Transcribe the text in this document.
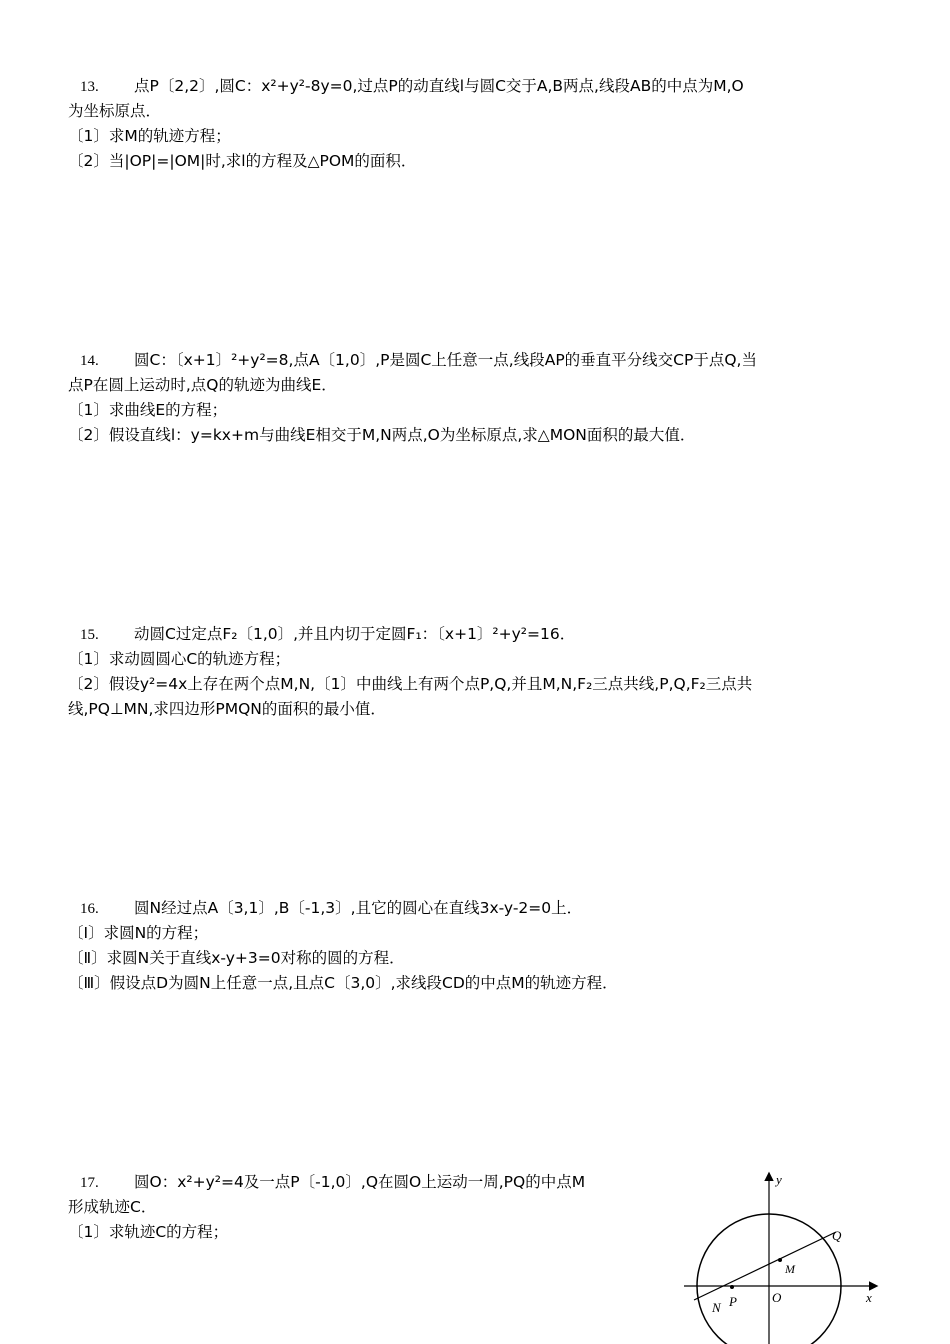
13. 点P〔2,2〕,圆C：x²+y²-8y=0,过点P的动直线l与圆C交于A,B两点,线段AB的中点为M,O
为坐标原点．
〔1〕求M的轨迹方程；
〔2〕当|OP|=|OM|时,求l的方程及△POM的面积．
14. 圆C：〔x+1〕²+y²=8,点A〔1,0〕,P是圆C上任意一点,线段AP的垂直平分线交CP于点Q,当
点P在圆上运动时,点Q的轨迹为曲线E．
〔1〕求曲线E的方程；
〔2〕假设直线l：y=kx+m与曲线E相交于M,N两点,O为坐标原点,求△MON面积的最大值．
15. 动圆C过定点F₂〔1,0〕,并且内切于定圆F₁：〔x+1〕²+y²=16．
〔1〕求动圆圆心C的轨迹方程；
〔2〕假设y²=4x上存在两个点M,N,〔1〕中曲线上有两个点P,Q,并且M,N,F₂三点共线,P,Q,F₂三点共
线,PQ⊥MN,求四边形PMQN的面积的最小值．
16. 圆N经过点A〔3,1〕,B〔-1,3〕,且它的圆心在直线3x-y-2=0上．
〔Ⅰ〕求圆N的方程；
〔Ⅱ〕求圆N关于直线x-y+3=0对称的圆的方程．
〔Ⅲ〕假设点D为圆N上任意一点,且点C〔3,0〕,求线段CD的中点M的轨迹方程．
17. 圆O：x²+y²=4及一点P〔-1,0〕,Q在圆O上运动一周,PQ的中点M
形成轨迹C．
〔1〕求轨迹C的方程；
y
x
Q
M
N P	O
